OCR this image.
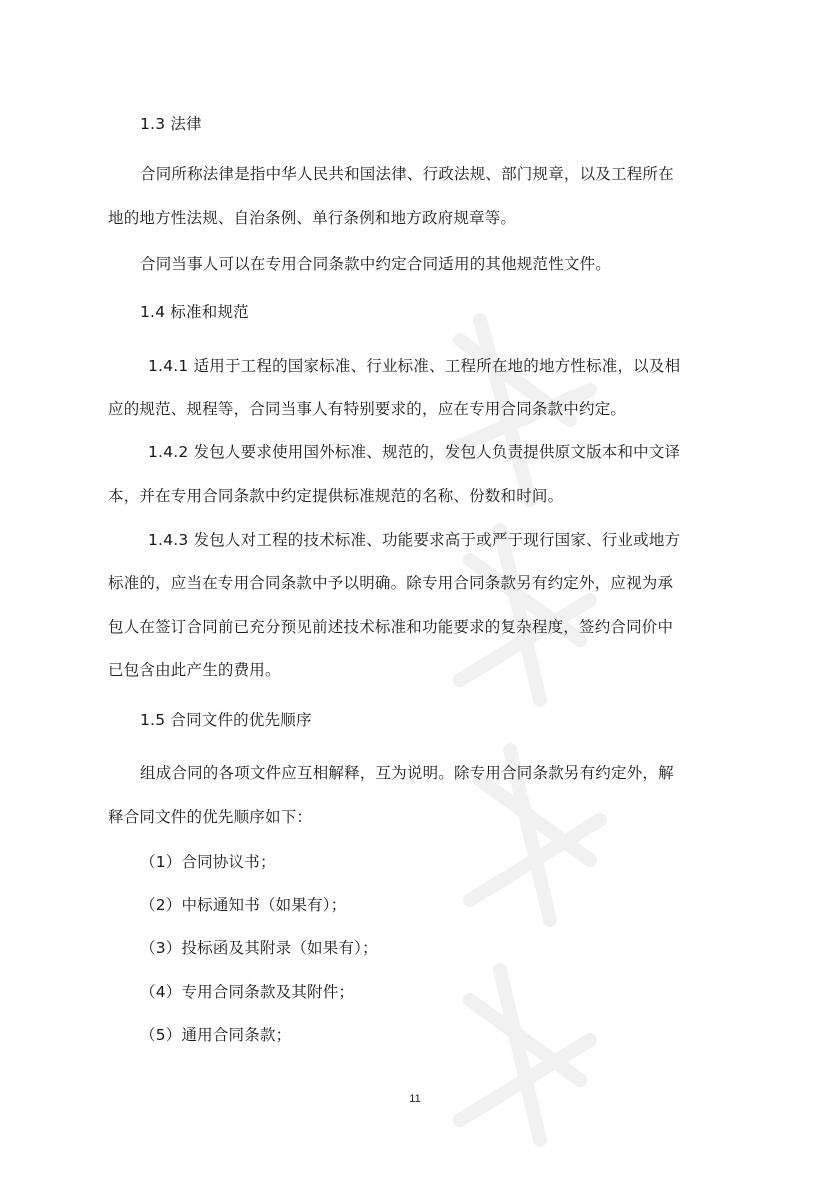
1.3 法律
合同所称法律是指中华人民共和国法律、行政法规、部门规章，以及工程所在
地的地方性法规、自治条例、单行条例和地方政府规章等。
合同当事人可以在专用合同条款中约定合同适用的其他规范性文件。
1.4 标准和规范
1.4.1 适用于工程的国家标准、行业标准、工程所在地的地方性标准，以及相
应的规范、规程等，合同当事人有特别要求的，应在专用合同条款中约定。
1.4.2 发包人要求使用国外标准、规范的，发包人负责提供原文版本和中文译
本，并在专用合同条款中约定提供标准规范的名称、份数和时间。
1.4.3 发包人对工程的技术标准、功能要求高于或严于现行国家、行业或地方
标准的，应当在专用合同条款中予以明确。除专用合同条款另有约定外，应视为承
包人在签订合同前已充分预见前述技术标准和功能要求的复杂程度，签约合同价中
已包含由此产生的费用。
1.5 合同文件的优先顺序
组成合同的各项文件应互相解释，互为说明。除专用合同条款另有约定外，解
释合同文件的优先顺序如下：
（1）合同协议书；
（2）中标通知书（如果有）；
（3）投标函及其附录（如果有）；
（4）专用合同条款及其附件；
（5）通用合同条款；
11
